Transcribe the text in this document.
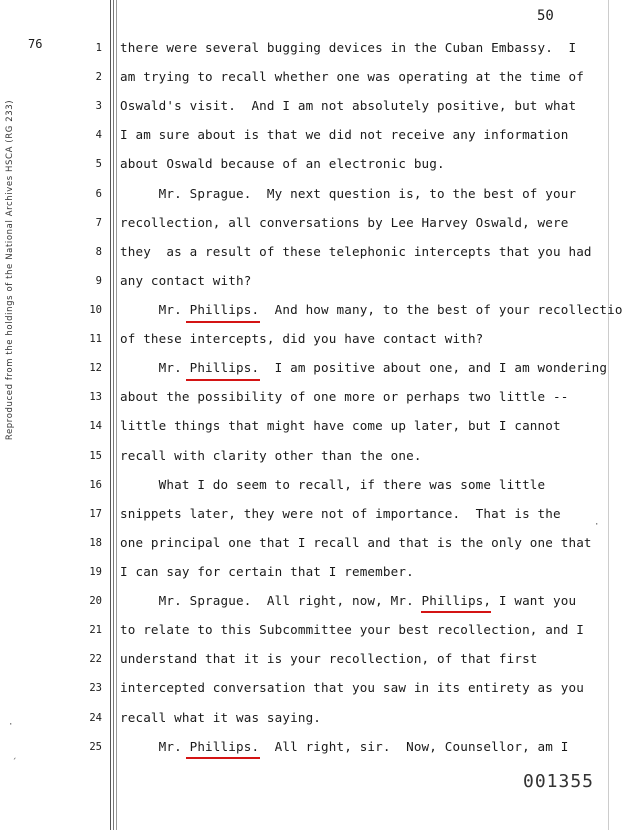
Reproduced from the holdings of the National Archives HSCA (RG 233)
76
50
1 there were several bugging devices in the Cuban Embassy.  I
2 am trying to recall whether one was operating at the time of
3 Oswald's visit.  And I am not absolutely positive, but what
4 I am sure about is that we did not receive any information
5 about Oswald because of an electronic bug.
6 Mr. Sprague.  My next question is, to the best of your
7 recollection, all conversations by Lee Harvey Oswald, were
8 they  as a result of these telephonic intercepts that you had
9 any contact with?
10 Mr. Phillips.  And how many, to the best of your recollectio
11 of these intercepts, did you have contact with?
12 Mr. Phillips.  I am positive about one, and I am wondering
13 about the possibility of one more or perhaps two little --
14 little things that might have come up later, but I cannot
15 recall with clarity other than the one.
16 What I do seem to recall, if there was some little
17 snippets later, they were not of importance.  That is the
18 one principal one that I recall and that is the only one that
19 I can say for certain that I remember.
20 Mr. Sprague.  All right, now, Mr. Phillips, I want you
21 to relate to this Subcommittee your best recollection, and I
22 understand that it is your recollection, of that first
23 intercepted conversation that you saw in its entirety as you
24 recall what it was saying.
25 Mr. Phillips.  All right, sir.  Now, Counsellor, am I
001355
·
·
ˏ
